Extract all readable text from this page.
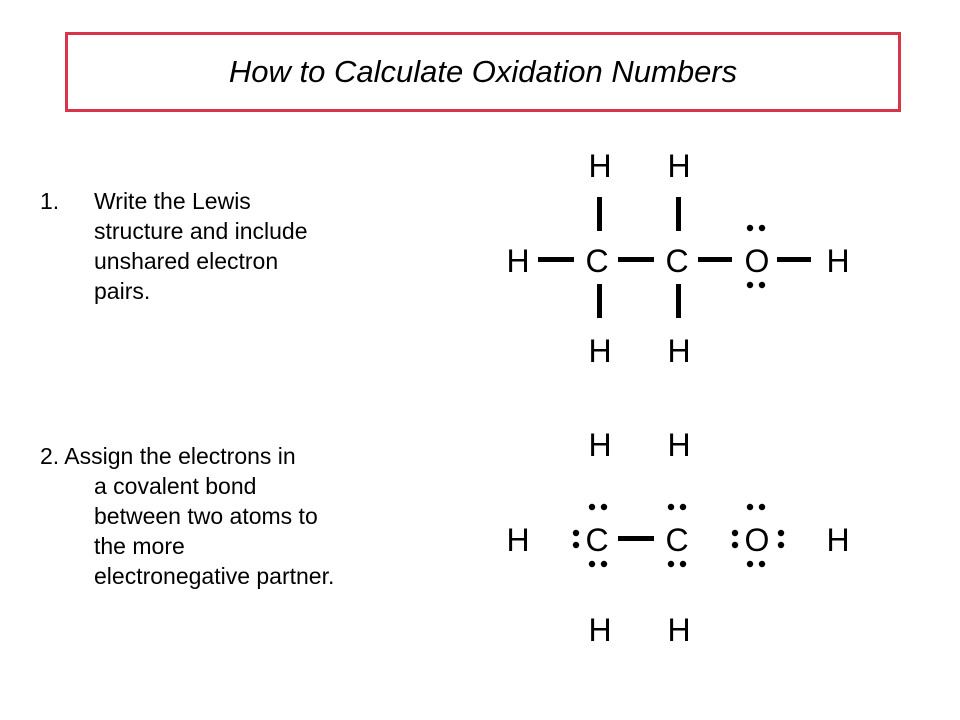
How to Calculate Oxidation Numbers
1. Write the Lewis
structure and include
unshared electron
pairs.
2. Assign the electrons in
a covalent bond
between two atoms to
the more
electronegative partner.
H H
H C C O H
H H
H H
H C C O H
H H
